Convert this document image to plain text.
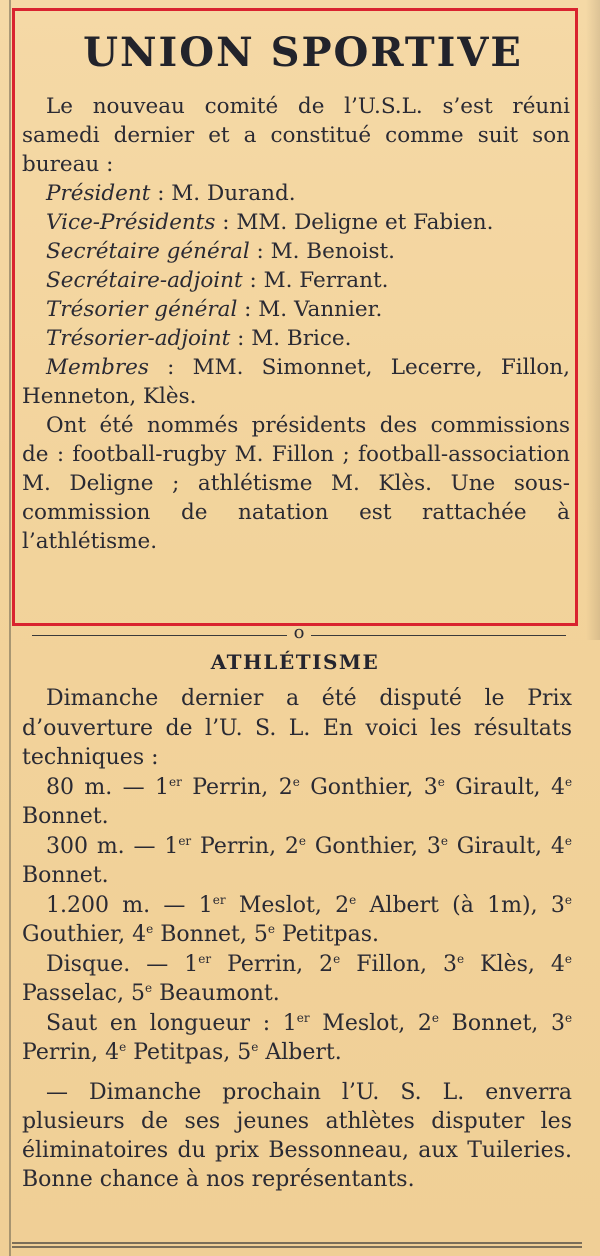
UNION SPORTIVE

Le nouveau comité de l’U.S.L. s’est réuni samedi dernier et a constitué comme suit son bureau :

Président : M. Durand.

Vice-Présidents : MM. Deligne et Fabien.

Secrétaire général : M. Benoist.

Secrétaire-adjoint : M. Ferrant.

Trésorier général : M. Vannier.

Trésorier-adjoint : M. Brice.

Membres : MM. Simonnet, Lecerre, Fillon, Henneton, Klès.

Ont été nommés présidents des commissions de : football-rugby M. Fillon ; football-association M. Deligne ; athlétisme M. Klès. Une sous-commission de natation est rattachée à l’athlétisme.

o
ATHLÉTISME

Dimanche dernier a été disputé le Prix d’ouverture de l’U. S. L. En voici les résultats techniques :

80 m. — 1er Perrin, 2e Gonthier, 3e Girault, 4e Bonnet.

300 m. — 1er Perrin, 2e Gonthier, 3e Girault, 4e Bonnet.

1.200 m. — 1er Meslot, 2e Albert (à 1m), 3e Gouthier, 4e Bonnet, 5e Petitpas.

Disque. — 1er Perrin, 2e Fillon, 3e Klès, 4e Passelac, 5e Beaumont.

Saut en longueur : 1er Meslot, 2e Bonnet, 3e Perrin, 4e Petitpas, 5e Albert.

— Dimanche prochain l’U. S. L. enverra plusieurs de ses jeunes athlètes disputer les éliminatoires du prix Bessonneau, aux Tuileries. Bonne chance à nos représentants.
